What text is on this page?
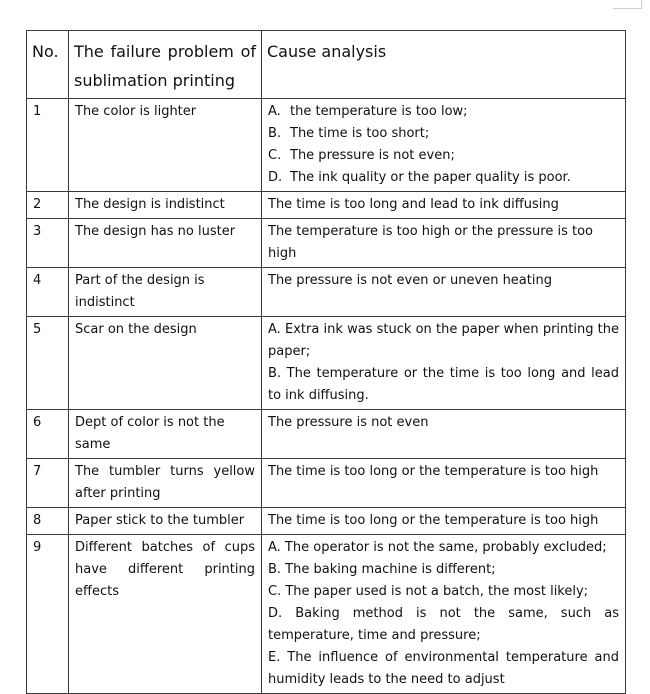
No.	The failure problem of sublimation printing	Cause analysis
1	The color is lighter	A. the temperature is too low;
B. The time is too short;
C. The pressure is not even;
D. The ink quality or the paper quality is poor.

2	The design is indistinct	The time is too long and lead to ink diffusing
3	The design has no luster	The temperature is too high or the pressure is too high
4	Part of the design is indistinct	The pressure is not even or uneven heating
5	Scar on the design	A. Extra ink was stuck on the paper when printing the paper;
B. The temperature or the time is too long and lead to ink diffusing.

6	Dept of color is not the same	The pressure is not even
7	The tumbler turns yellow after printing	The time is too long or the temperature is too high
8	Paper stick to the tumbler	The time is too long or the temperature is too high
9	Different batches of cups have different printing effects	A. The operator is not the same, probably excluded;
B. The baking machine is different;
C. The paper used is not a batch, the most likely;
D. Baking method is not the same, such as temperature, time and pressure;
E. The influence of environmental temperature and humidity leads to the need to adjust
